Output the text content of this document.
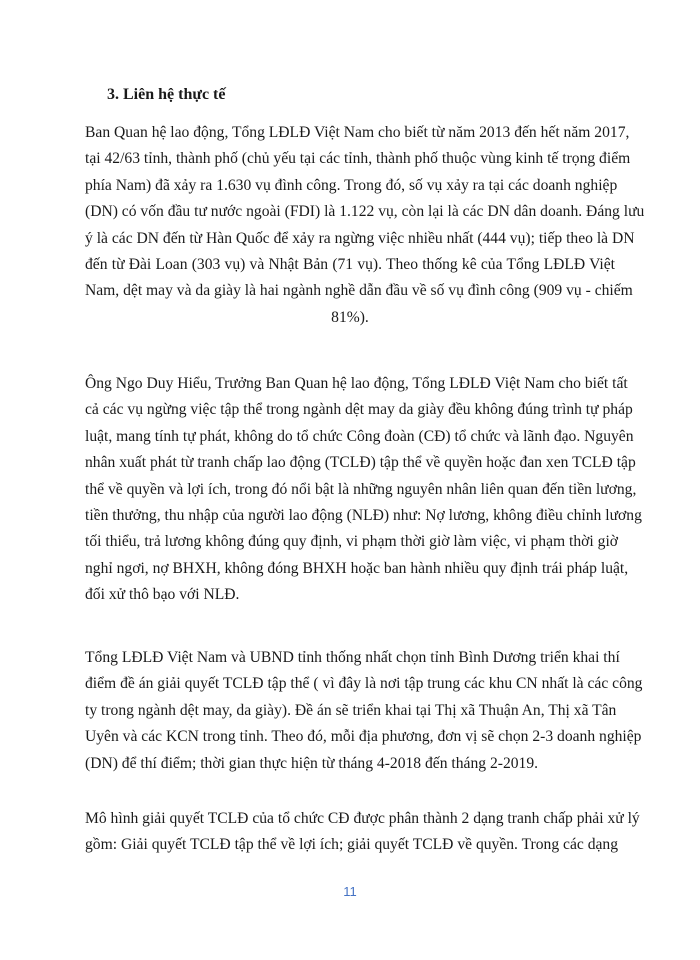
3. Liên hệ thực tế
Ban Quan hệ lao động, Tổng LĐLĐ Việt Nam cho biết từ năm 2013 đến hết năm 2017,
tại 42/63 tỉnh, thành phố (chủ yếu tại các tỉnh, thành phố thuộc vùng kinh tế trọng điểm
phía Nam) đã xảy ra 1.630 vụ đình công. Trong đó, số vụ xảy ra tại các doanh nghiệp
(DN) có vốn đầu tư nước ngoài (FDI) là 1.122 vụ, còn lại là các DN dân doanh. Đáng lưu
ý là các DN đến từ Hàn Quốc để xảy ra ngừng việc nhiều nhất (444 vụ); tiếp theo là DN
đến từ Đài Loan (303 vụ) và Nhật Bản (71 vụ). Theo thống kê của Tổng LĐLĐ Việt
Nam, dệt may và da giày là hai ngành nghề dẫn đầu về số vụ đình công (909 vụ - chiếm
81%).
Ông Ngo Duy Hiểu, Trưởng Ban Quan hệ lao động, Tổng LĐLĐ Việt Nam cho biết tất
cả các vụ ngừng việc tập thể trong ngành dệt may da giày đều không đúng trình tự pháp
luật, mang tính tự phát, không do tổ chức Công đoàn (CĐ) tổ chức và lãnh đạo. Nguyên
nhân xuất phát từ tranh chấp lao động (TCLĐ) tập thể về quyền hoặc đan xen TCLĐ tập
thể về quyền và lợi ích, trong đó nổi bật là những nguyên nhân liên quan đến tiền lương,
tiền thưởng, thu nhập của người lao động (NLĐ) như: Nợ lương, không điều chỉnh lương
tối thiểu, trả lương không đúng quy định, vi phạm thời giờ làm việc, vi phạm thời giờ
nghỉ ngơi, nợ BHXH, không đóng BHXH hoặc ban hành nhiều quy định trái pháp luật,
đối xử thô bạo với NLĐ.
Tổng LĐLĐ Việt Nam và UBND tỉnh thống nhất chọn tỉnh Bình Dương triển khai thí
điểm đề án giải quyết TCLĐ tập thể ( vì đây là nơi tập trung các khu CN nhất là các công
ty trong ngành dệt may, da giày). Đề án sẽ triển khai tại Thị xã Thuận An, Thị xã Tân
Uyên và các KCN trong tỉnh. Theo đó, mỗi địa phương, đơn vị sẽ chọn 2-3 doanh nghiệp
(DN) để thí điểm; thời gian thực hiện từ tháng 4-2018 đến tháng 2-2019.
Mô hình giải quyết TCLĐ của tổ chức CĐ được phân thành 2 dạng tranh chấp phải xử lý
gồm: Giải quyết TCLĐ tập thể về lợi ích; giải quyết TCLĐ về quyền. Trong các dạng
11
